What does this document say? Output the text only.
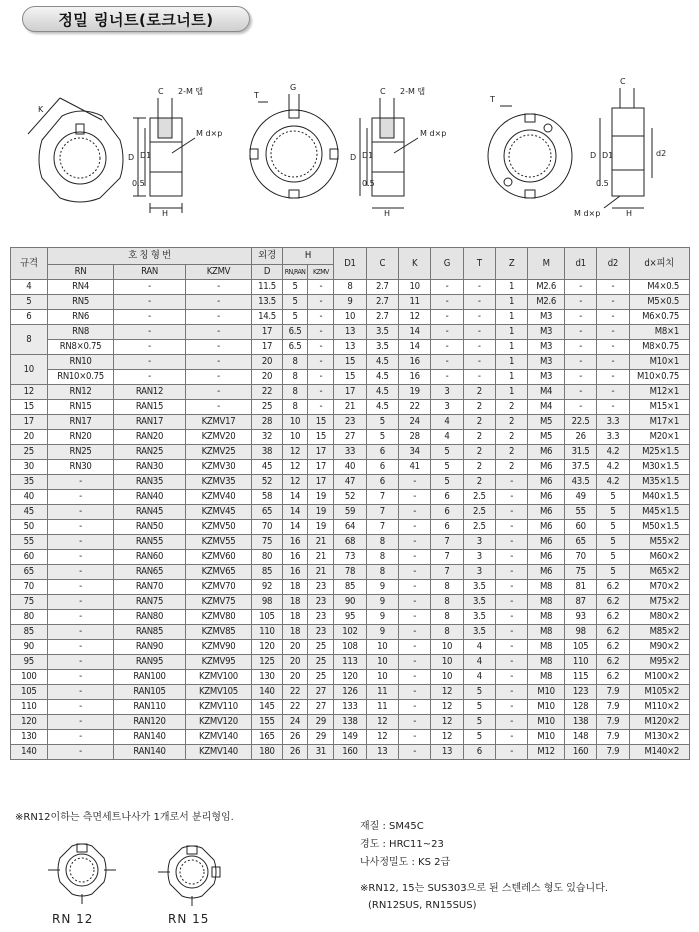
정밀 링너트(로크너트)
K
C 2-M 탭
D D1
M d×p
0.5
H
T
G	C 2-M 탭
D D1
M d×p
0.5
H
T
C
D D1	d2
0.5
M d×p	H
규격	호 칭 형 번			외경	H		D1	C	K	G	T	Z	M	d1	d2	d×피치
	RN	RAN	KZMV	D	RN,RAN	KZMV										
4	RN4	-	-	11.5	5	-	8	2.7	10	-	-	1	M2.6	-	-	M4×0.5
5	RN5	-	-	13.5	5	-	9	2.7	11	-	-	1	M2.6	-	-	M5×0.5
6	RN6	-	-	14.5	5	-	10	2.7	12	-	-	1	M3	-	-	M6×0.75
8	RN8	-	-	17	6.5	-	13	3.5	14	-	-	1	M3	-	-	M8×1
	RN8×0.75	-	-	17	6.5	-	13	3.5	14	-	-	1	M3	-	-	M8×0.75
10	RN10	-	-	20	8	-	15	4.5	16	-	-	1	M3	-	-	M10×1
	RN10×0.75	-	-	20	8	-	15	4.5	16	-	-	1	M3	-	-	M10×0.75
12	RN12	RAN12	-	22	8	-	17	4.5	19	3	2	1	M4	-	-	M12×1
15	RN15	RAN15	-	25	8	-	21	4.5	22	3	2	2	M4	-	-	M15×1
17	RN17	RAN17	KZMV17	28	10	15	23	5	24	4	2	2	M5	22.5	3.3	M17×1
20	RN20	RAN20	KZMV20	32	10	15	27	5	28	4	2	2	M5	26	3.3	M20×1
25	RN25	RAN25	KZMV25	38	12	17	33	6	34	5	2	2	M6	31.5	4.2	M25×1.5
30	RN30	RAN30	KZMV30	45	12	17	40	6	41	5	2	2	M6	37.5	4.2	M30×1.5
35	-	RAN35	KZMV35	52	12	17	47	6	-	5	2	-	M6	43.5	4.2	M35×1.5
40	-	RAN40	KZMV40	58	14	19	52	7	-	6	2.5	-	M6	49	5	M40×1.5
45	-	RAN45	KZMV45	65	14	19	59	7	-	6	2.5	-	M6	55	5	M45×1.5
50	-	RAN50	KZMV50	70	14	19	64	7	-	6	2.5	-	M6	60	5	M50×1.5
55	-	RAN55	KZMV55	75	16	21	68	8	-	7	3	-	M6	65	5	M55×2
60	-	RAN60	KZMV60	80	16	21	73	8	-	7	3	-	M6	70	5	M60×2
65	-	RAN65	KZMV65	85	16	21	78	8	-	7	3	-	M6	75	5	M65×2
70	-	RAN70	KZMV70	92	18	23	85	9	-	8	3.5	-	M8	81	6.2	M70×2
75	-	RAN75	KZMV75	98	18	23	90	9	-	8	3.5	-	M8	87	6.2	M75×2
80	-	RAN80	KZMV80	105	18	23	95	9	-	8	3.5	-	M8	93	6.2	M80×2
85	-	RAN85	KZMV85	110	18	23	102	9	-	8	3.5	-	M8	98	6.2	M85×2
90	-	RAN90	KZMV90	120	20	25	108	10	-	10	4	-	M8	105	6.2	M90×2
95	-	RAN95	KZMV95	125	20	25	113	10	-	10	4	-	M8	110	6.2	M95×2
100	-	RAN100	KZMV100	130	20	25	120	10	-	10	4	-	M8	115	6.2	M100×2
105	-	RAN105	KZMV105	140	22	27	126	11	-	12	5	-	M10	123	7.9	M105×2
110	-	RAN110	KZMV110	145	22	27	133	11	-	12	5	-	M10	128	7.9	M110×2
120	-	RAN120	KZMV120	155	24	29	138	12	-	12	5	-	M10	138	7.9	M120×2
130	-	RAN140	KZMV140	165	26	29	149	12	-	12	5	-	M10	148	7.9	M130×2
140	-	RAN140	KZMV140	180	26	31	160	13	-	13	6	-	M12	160	7.9	M140×2
※RN12이하는 측면세트나사가 1개로서 분리형임.
재질 : SM45C
경도 : HRC11~23
나사정밀도 : KS 2급
※RN12, 15는 SUS303으로 된 스텐레스 형도 있습니다.
(RN12SUS, RN15SUS)
RN 12	RN 15
